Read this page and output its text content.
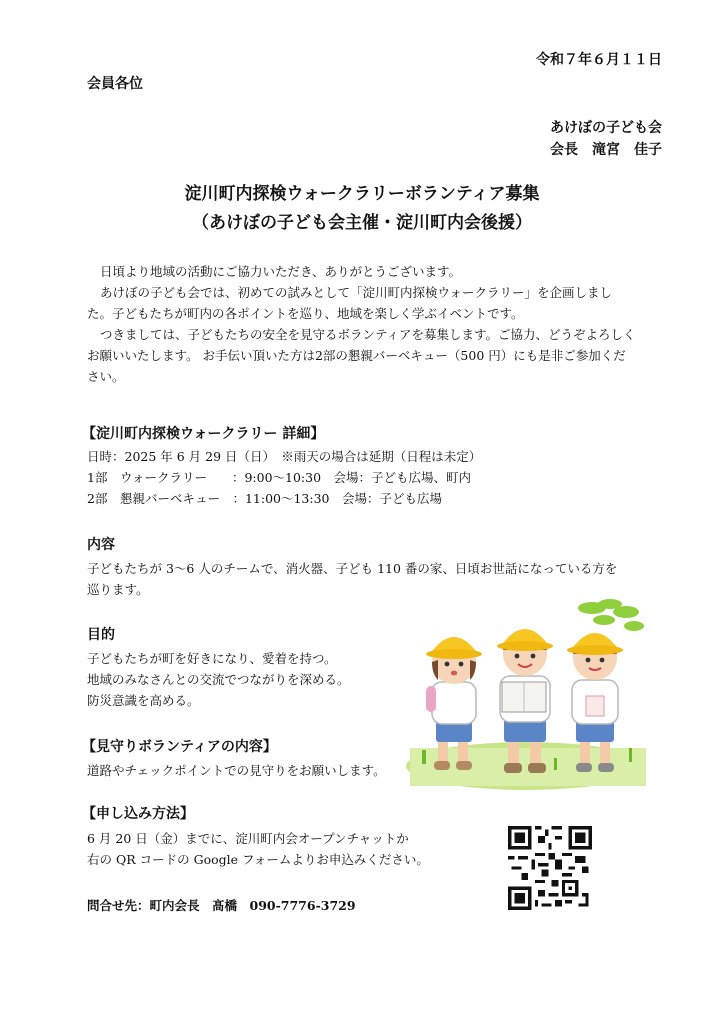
令和７年６月１１日
会員各位
あけぼの子ども会
会長　滝宮　佳子
淀川町内探検ウォークラリーボランティア募集
（あけぼの子ども会主催・淀川町内会後援）
日頃より地域の活動にご協力いただき、ありがとうございます。
あけぼの子ども会では、初めての試みとして「淀川町内探検ウォークラリー」を企画しまし
た。子どもたちが町内の各ポイントを巡り、地域を楽しく学ぶイベントです。
つきましては、子どもたちの安全を見守るボランティアを募集します。ご協力、どうぞよろしく
お願いいたします。 お手伝い頂いた方は2部の懇親バーベキュー（500 円）にも是非ご参加くだ
さい。
【淀川町内探検ウォークラリー 詳細】
日時：2025 年 6 月 29 日（日）　※雨天の場合は延期（日程は未定）
1部　ウォークラリー　　：9:00～10:30　会場：子ども広場、町内
2部　懇親バーベキュー　：11:00～13:30　会場：子ども広場
内容
子どもたちが 3～6 人のチームで、消火器、子ども 110 番の家、日頃お世話になっている方を
巡ります。
目的
子どもたちが町を好きになり、愛着を持つ。
地域のみなさんとの交流でつながりを深める。
防災意識を高める。
【見守りボランティアの内容】
道路やチェックポイントでの見守りをお願いします。
【申し込み方法】
6 月 20 日（金）までに、淀川町内会オープンチャットか
右の QR コードの Google フォームよりお申込みください。
問合せ先：町内会長　髙橋　090-7776-3729
